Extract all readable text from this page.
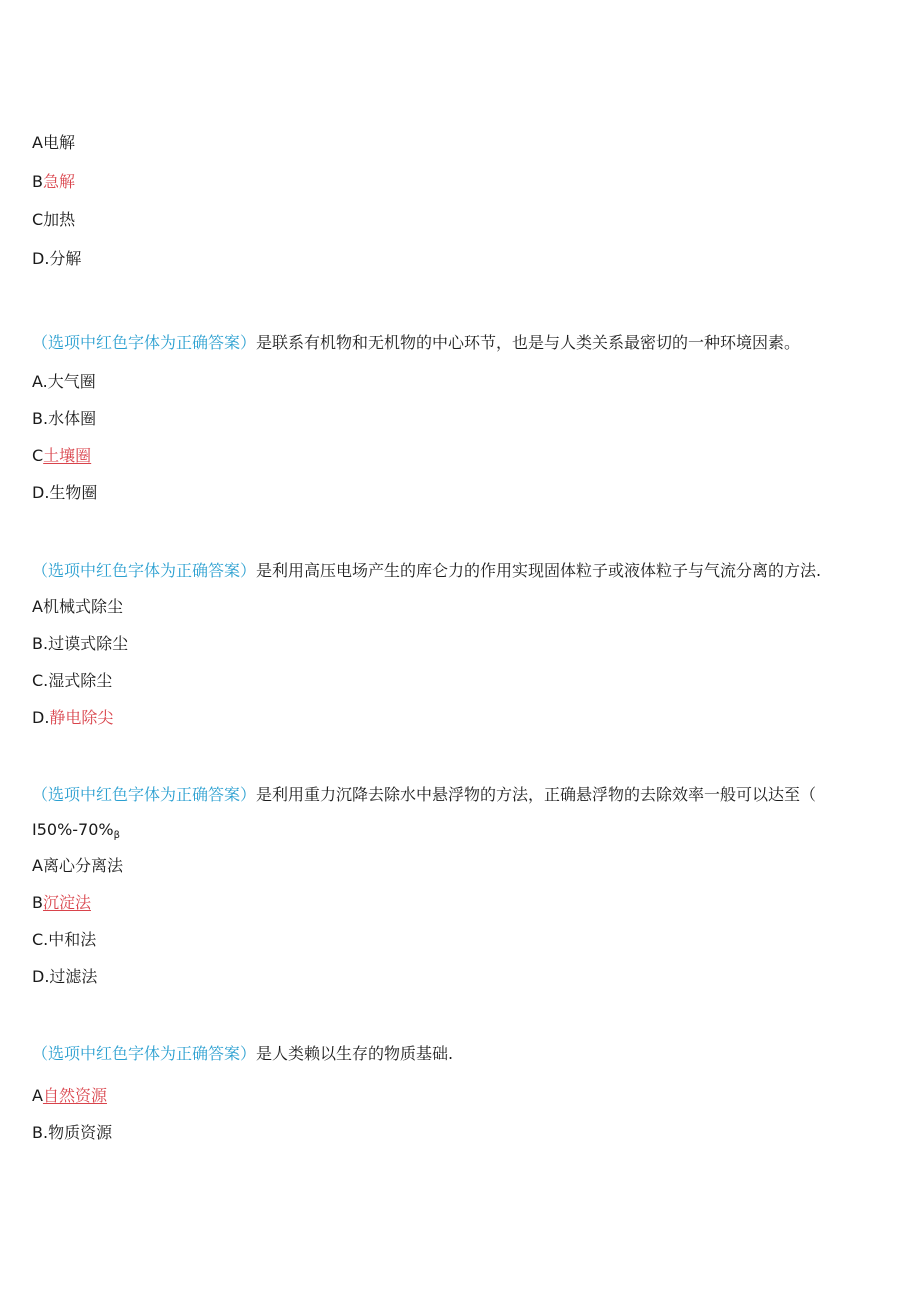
A电解
B急解
C加热
D.分解
（选项中红色字体为正确答案）是联系有机物和无机物的中心环节，也是与人类关系最密切的一种环境因素。
A.大气圈
B.水体圈
C土壤圈
D.生物圈
（选项中红色字体为正确答案）是利用高压电场产生的库仑力的作用实现固体粒子或液体粒子与气流分离的方法.
A机械式除尘
B.过谟式除尘
C.湿式除尘
D.静电除尖
（选项中红色字体为正确答案）是利用重力沉降去除水中悬浮物的方法，正确悬浮物的去除效率一般可以达至（
$I50\%-70\%_\beta$
A离心分离法
B沉淀法
C.中和法
D.过滤法
（选项中红色字体为正确答案）是人类赖以生存的物质基础.
A自然资源
B.物质资源
